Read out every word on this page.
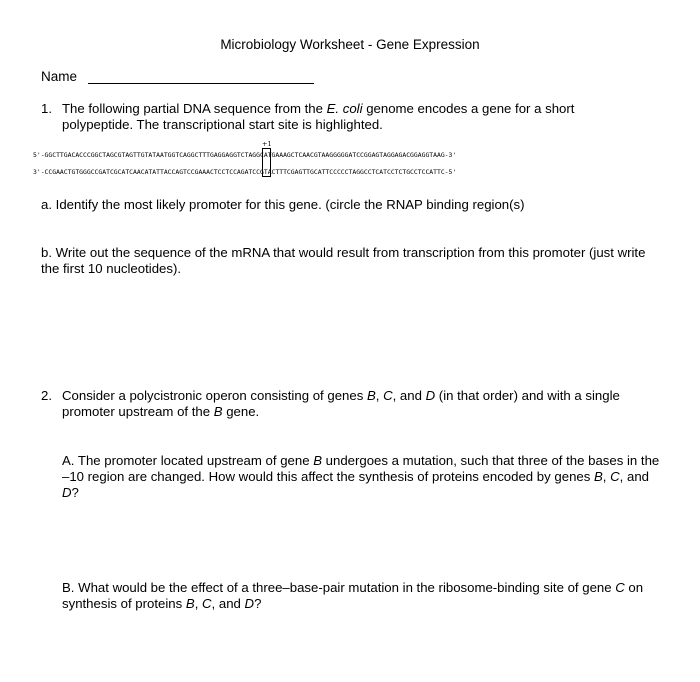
Microbiology Worksheet - Gene Expression
Name
1. The following partial DNA sequence from the E. coli genome encodes a gene for a short polypeptide. The transcriptional start site is highlighted.
+1
5'-GGCTTGACACCCGGCTAGCGTAGTTGTATAATGGTCAGGCTTTGAGGAGGTCTAGGCATGAAAGCTCAACGTAAGGGGGATCCGGAGTAGGAGACGGAGGTAAG-3'
3'-CCGAACTGTGGGCCGATCGCATCAACATATTACCAGTCCGAAACTCCTCCAGATCCGTACTTTCGAGTTGCATTCCCCCTAGGCCTCATCCTCTGCCTCCATTC-5'
a. Identify the most likely promoter for this gene. (circle the RNAP binding region(s)
b. Write out the sequence of the mRNA that would result from transcription from this promoter (just write the first 10 nucleotides).
2. Consider a polycistronic operon consisting of genes B, C, and D (in that order) and with a single promoter upstream of the B gene.
A. The promoter located upstream of gene B undergoes a mutation, such that three of the bases in the –10 region are changed. How would this affect the synthesis of proteins encoded by genes B, C, and D?
B. What would be the effect of a three–base-pair mutation in the ribosome-binding site of gene C on synthesis of proteins B, C, and D?
